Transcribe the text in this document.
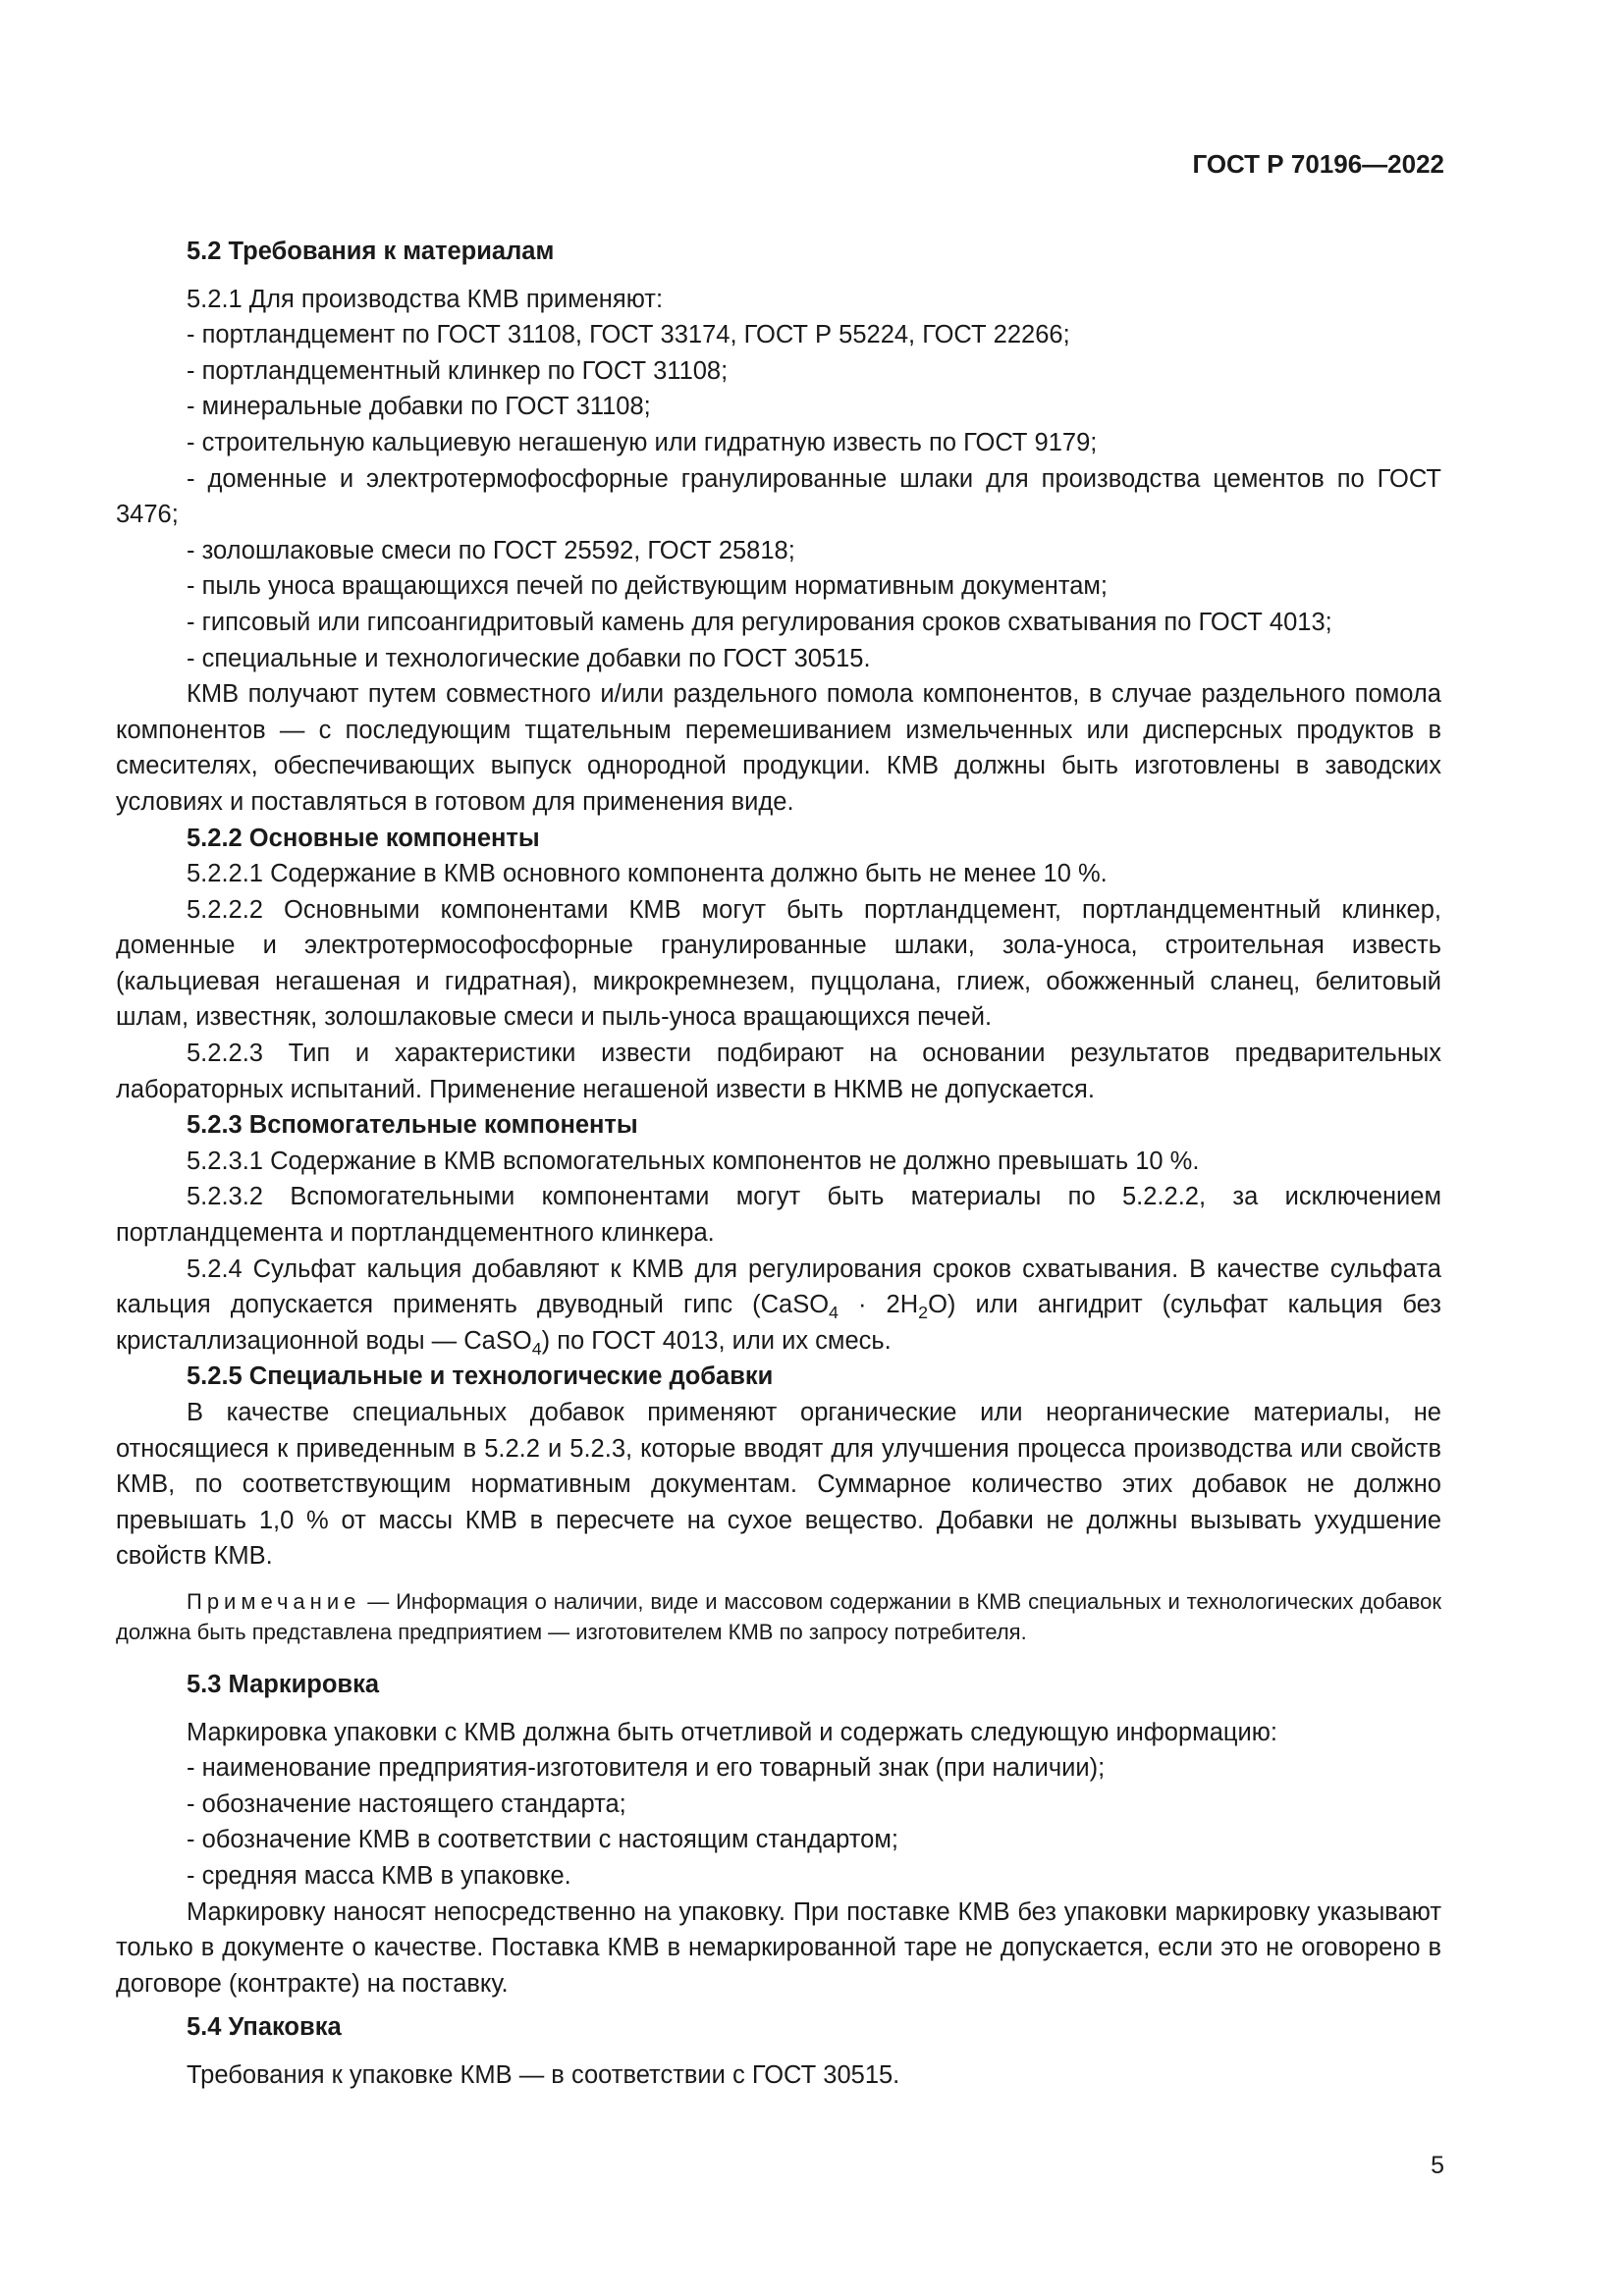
ГОСТ Р 70196—2022

5.2 Требования к материалам

5.2.1 Для производства КМВ применяют:

- портландцемент по ГОСТ 31108, ГОСТ 33174, ГОСТ Р 55224, ГОСТ 22266;

- портландцементный клинкер по ГОСТ 31108;

- минеральные добавки по ГОСТ 31108;

- строительную кальциевую негашеную или гидратную известь по ГОСТ 9179;

- доменные и электротермофосфорные гранулированные шлаки для производства цементов по ГОСТ 3476;

- золошлаковые смеси по ГОСТ 25592, ГОСТ 25818;

- пыль уноса вращающихся печей по действующим нормативным документам;

- гипсовый или гипсоангидритовый камень для регулирования сроков схватывания по ГОСТ 4013;

- специальные и технологические добавки по ГОСТ 30515.

КМВ получают путем совместного и/или раздельного помола компонентов, в случае раздельного помола компонентов — с последующим тщательным перемешиванием измельченных или дисперсных продуктов в смесителях, обеспечивающих выпуск однородной продукции. КМВ должны быть изготовлены в заводских условиях и поставляться в готовом для применения виде.

5.2.2 Основные компоненты

5.2.2.1 Содержание в КМВ основного компонента должно быть не менее 10 %.

5.2.2.2 Основными компонентами КМВ могут быть портландцемент, портландцементный клинкер, доменные и электротермософосфорные гранулированные шлаки, зола-уноса, строительная известь (кальциевая негашеная и гидратная), микрокремнезем, пуццолана, глиеж, обожженный сланец, белитовый шлам, известняк, золошлаковые смеси и пыль-уноса вращающихся печей.

5.2.2.3 Тип и характеристики извести подбирают на основании результатов предварительных лабораторных испытаний. Применение негашеной извести в НКМВ не допускается.

5.2.3 Вспомогательные компоненты

5.2.3.1 Содержание в КМВ вспомогательных компонентов не должно превышать 10 %.

5.2.3.2 Вспомогательными компонентами могут быть материалы по 5.2.2.2, за исключением портландцемента и портландцементного клинкера.

5.2.4 Сульфат кальция добавляют к КМВ для регулирования сроков схватывания. В качестве сульфата кальция допускается применять двуводный гипс (CaSO$_4$ · $2H_2O$) или ангидрит (сульфат кальция без кристаллизационной воды — CaSO$_4$) по ГОСТ 4013, или их смесь.

5.2.5 Специальные и технологические добавки

В качестве специальных добавок применяют органические или неорганические материалы, не относящиеся к приведенным в 5.2.2 и 5.2.3, которые вводят для улучшения процесса производства или свойств КМВ, по соответствующим нормативным документам. Суммарное количество этих добавок не должно превышать 1,0 % от массы КМВ в пересчете на сухое вещество. Добавки не должны вызывать ухудшение свойств КМВ.

Примечание — Информация о наличии, виде и массовом содержании в КМВ специальных и технологических добавок должна быть представлена предприятием — изготовителем КМВ по запросу потребителя.

5.3 Маркировка

Маркировка упаковки с КМВ должна быть отчетливой и содержать следующую информацию:

- наименование предприятия-изготовителя и его товарный знак (при наличии);

- обозначение настоящего стандарта;

- обозначение КМВ в соответствии с настоящим стандартом;

- средняя масса КМВ в упаковке.

Маркировку наносят непосредственно на упаковку. При поставке КМВ без упаковки маркировку указывают только в документе о качестве. Поставка КМВ в немаркированной таре не допускается, если это не оговорено в договоре (контракте) на поставку.

5.4 Упаковка

Требования к упаковке КМВ — в соответствии с ГОСТ 30515.

5
